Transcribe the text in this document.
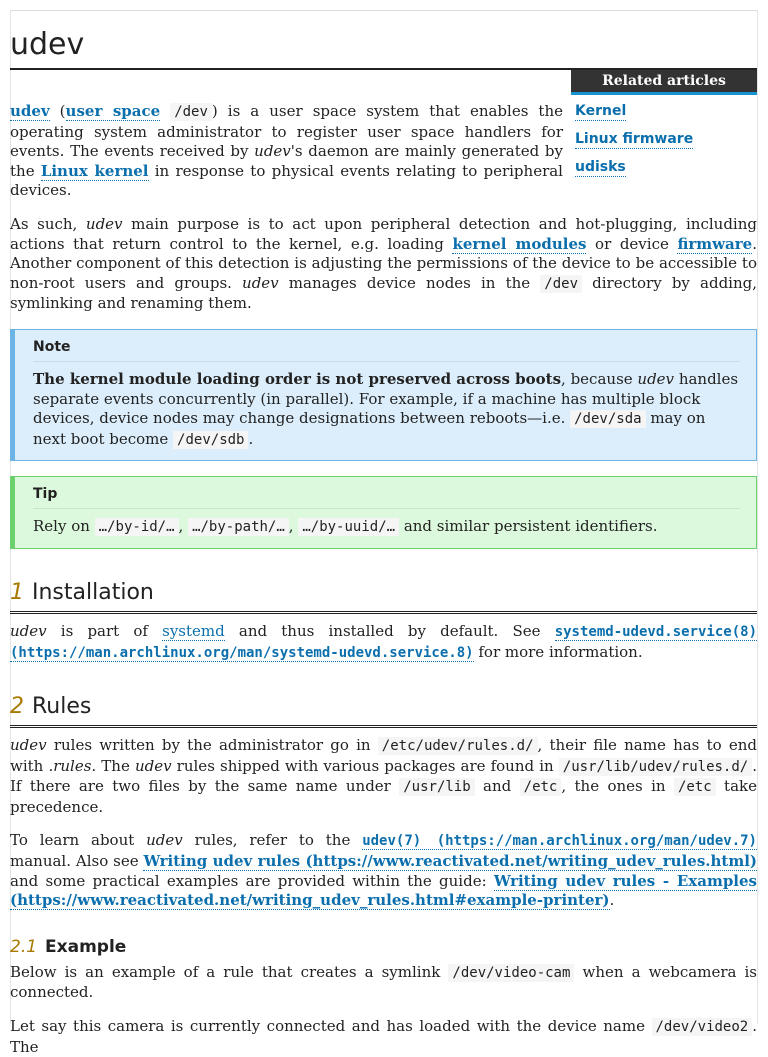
udev
Related articles
Kernel
Linux firmware
udisks

udev (user space /dev ) is a user space system that enables the operating system administrator to register user space handlers for events. The events received by udev's daemon are mainly generated by the Linux kernel in response to physical events relating to peripheral devices.

As such, udev main purpose is to act upon peripheral detection and hot-plugging, including actions that return control to the kernel, e.g. loading kernel modules or device firmware. Another component of this detection is adjusting the permissions of the device to be accessible to non-root users and groups. udev manages device nodes in the /dev directory by adding, symlinking and renaming them.

Note

The kernel module loading order is not preserved across boots, because udev handles separate events concurrently (in parallel). For example, if a machine has multiple block devices, device nodes may change designations between reboots—i.e. /dev/sda may on next boot become /dev/sdb .

Tip

Rely on …/by-id/… , …/by-path/… , …/by-uuid/… and similar persistent identifiers.

1 Installation

udev is part of systemd and thus installed by default. See systemd-udevd.service(8) (https://man.archlinux.org/man/systemd-udevd.service.8) for more information.

2 Rules

udev rules written by the administrator go in /etc/udev/rules.d/ , their file name has to end with .rules. The udev rules shipped with various packages are found in /usr/lib/udev/rules.d/ . If there are two files by the same name under /usr/lib and /etc , the ones in /etc take precedence.

To learn about udev rules, refer to the udev(7) (https://man.archlinux.org/man/udev.7) manual. Also see Writing udev rules (https://www.reactivated.net/writing_udev_rules.html) and some practical examples are provided within the guide: Writing udev rules - Examples (https://www.reactivated.net/writing_udev_rules.html#example-printer).

2.1 Example

Below is an example of a rule that creates a symlink /dev/video-cam when a webcamera is connected.

Let say this camera is currently connected and has loaded with the device name /dev/video2 . The
